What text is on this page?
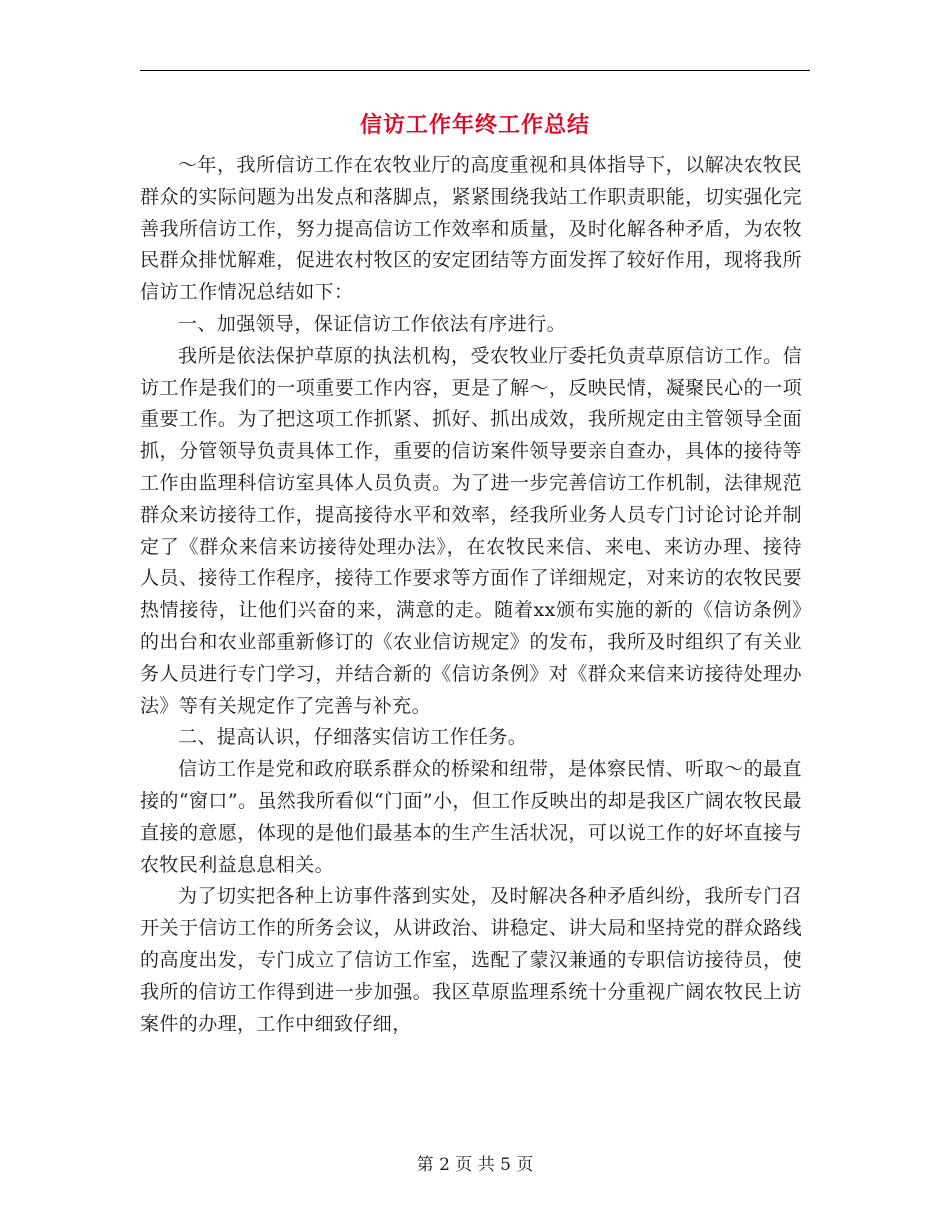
信访工作年终工作总结

～年，我所信访工作在农牧业厅的高度重视和具体指导下，以解决农牧民群众的实际问题为出发点和落脚点，紧紧围绕我站工作职责职能，切实强化完善我所信访工作，努力提高信访工作效率和质量，及时化解各种矛盾，为农牧民群众排忧解难，促进农村牧区的安定团结等方面发挥了较好作用，现将我所信访工作情况总结如下：

一、加强领导，保证信访工作依法有序进行。

我所是依法保护草原的执法机构，受农牧业厅委托负责草原信访工作。信访工作是我们的一项重要工作内容，更是了解～，反映民情，凝聚民心的一项重要工作。为了把这项工作抓紧、抓好、抓出成效，我所规定由主管领导全面抓，分管领导负责具体工作，重要的信访案件领导要亲自查办，具体的接待等工作由监理科信访室具体人员负责。为了进一步完善信访工作机制，法律规范群众来访接待工作，提高接待水平和效率，经我所业务人员专门讨论讨论并制定了《群众来信来访接待处理办法》，在农牧民来信、来电、来访办理、接待人员、接待工作程序，接待工作要求等方面作了详细规定，对来访的农牧民要热情接待，让他们兴奋的来，满意的走。随着xx颁布实施的新的《信访条例》的出台和农业部重新修订的《农业信访规定》的发布，我所及时组织了有关业务人员进行专门学习，并结合新的《信访条例》对《群众来信来访接待处理办法》等有关规定作了完善与补充。

二、提高认识，仔细落实信访工作任务。

信访工作是党和政府联系群众的桥梁和纽带，是体察民情、听取～的最直接的“窗口”。虽然我所看似“门面”小，但工作反映出的却是我区广阔农牧民最直接的意愿，体现的是他们最基本的生产生活状况，可以说工作的好坏直接与农牧民利益息息相关。

为了切实把各种上访事件落到实处，及时解决各种矛盾纠纷，我所专门召开关于信访工作的所务会议，从讲政治、讲稳定、讲大局和坚持党的群众路线的高度出发，专门成立了信访工作室，选配了蒙汉兼通的专职信访接待员，使我所的信访工作得到进一步加强。我区草原监理系统十分重视广阔农牧民上访案件的办理，工作中细致仔细，

第 2 页 共 5 页
